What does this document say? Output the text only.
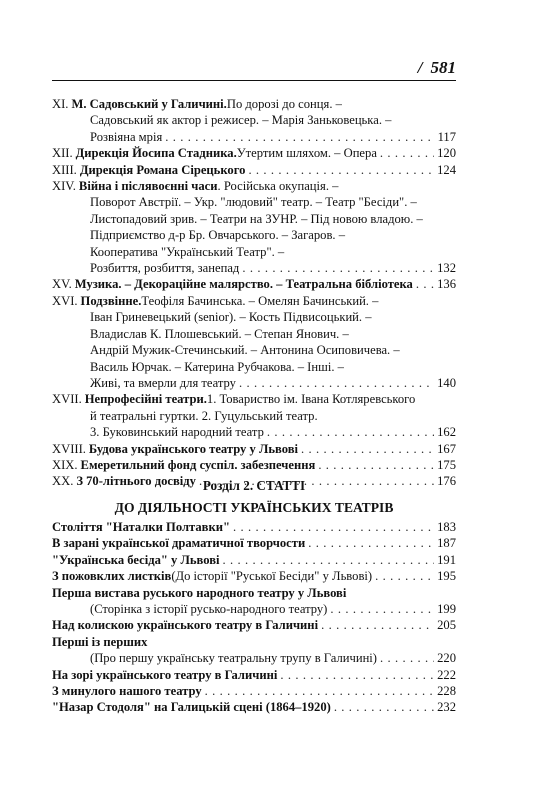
/ 581
XI. М. Садовський у Галичині. По дорозі до сонця. –
Садовський як актор і режисер. – Марія Заньковецька. –
Розвіяна мрія . . .	117
XII. Дирекція Йосипа Стадника. Утертим шляхом. – Опера . . .	120
XIII. Дирекція Романа Сірецького . . .	124
XIV. Війна і післявоєнні часи . Російська окупація. –
Поворот Австрії. – Укр. "людовий" театр. – Театр "Бесіди". –
Листопадовий зрив. – Театри на ЗУНР. – Під новою владою. –
Підприємство д-р Бр. Овчарського. – Загаров. –
Кооператива "Український Театр". –
Розбиття, розбиття, занепад . . .	132
XV. Музика. – Декораційне малярство. – Театральна бібліотека . . . 136
XVI. Подзвінне. Теофіля Бачинська. – Омелян Бачинський. –
Іван Гриневецький (senior). – Кость Підвисоцький. –
Владислав К. Плошевський. – Степан Янович. –
Андрій Мужик-Стечинський. – Антонина Осиповичева. –
Василь Юрчак. – Катерина Рубчакова. – Інші. –
Живі, та вмерли для театру . . .	140
XVII. Непрофесійні театри. 1. Товариство ім. Івана Котляревського
й театральні гуртки. 2. Гуцульський театр.
3. Буковинський народний театр . . .	162
XVIII. Будова українського театру у Львові . . .	167
XIX. Емеретильний фонд суспіл. забезпечення . . .	175
XX. З 70-літнього досвіду . . .	176
Розділ 2. СТАТТІ
ДО ДІЯЛЬНОСТІ УКРАЇНСЬКИХ ТЕАТРІВ
Століття "Наталки Полтавки" . . .	183
В зарані української драматичної творчости . . .	187
"Українська бесіда" у Львові . . .	191
З пожовклих листків (До історії "Руської Бесіди" у Львові) . . .	195
Перша вистава руського народного театру у Львові
(Сторінка з історії русько-народного театру) . . .	199
Над колискою українського театру в Галичині . . .	205
Перші із перших
(Про першу українську театральну трупу в Галичині) . . .	220
На зорі українського театру в Галичині . . .	222
З минулого нашого театру . . .	228
"Назар Стодоля" на Галицькій сцені (1864–1920) . . .	232
